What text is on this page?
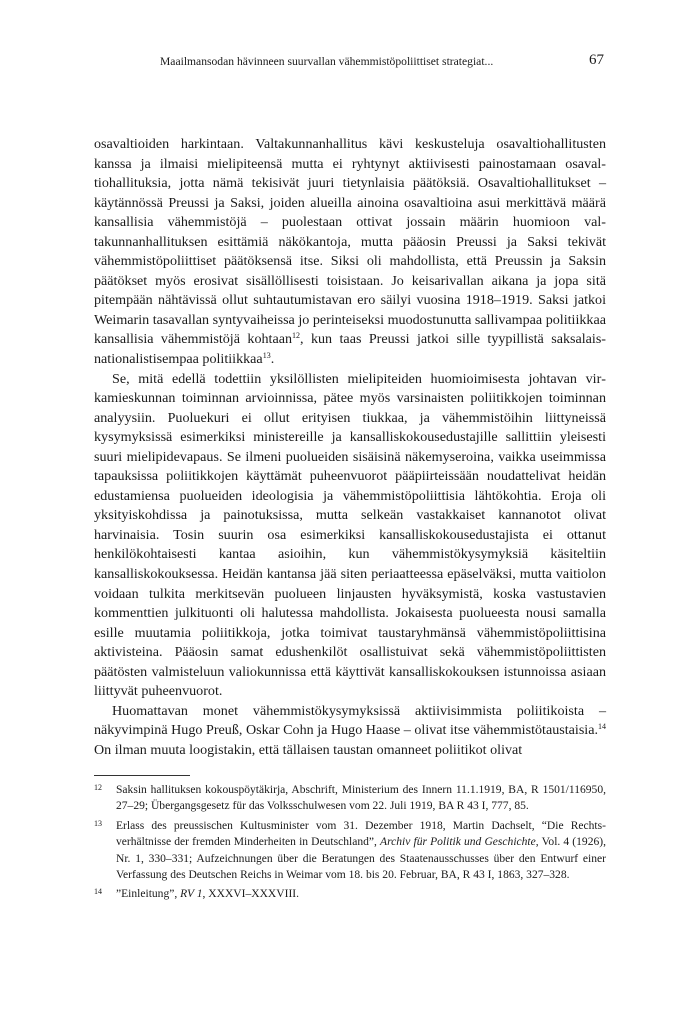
Maailmansodan hävinneen suurvallan vähemmistöpoliittiset strategiat...	67

osavaltioiden harkintaan. Valtakunnanhallitus kävi keskusteluja osavaltiohallitusten kanssa ja ilmaisi mielipiteensä mutta ei ryhtynyt aktiivisesti painostamaan osavaltiohallituksia, jotta nämä tekisivät juuri tietynlaisia päätöksiä. Osavaltiohallitukset – käytännössä Preussi ja Saksi, joiden alueilla ainoina osavaltioina asui merkittävä määrä kansallisia vähemmistöjä – puolestaan ottivat jossain määrin huomioon valtakunnanhallituksen esittämiä näkökantoja, mutta pääosin Preussi ja Saksi tekivät vähemmistöpoliittiset päätöksensä itse. Siksi oli mahdollista, että Preussin ja Saksin päätökset myös erosivat sisällöllisesti toisistaan. Jo keisarivallan aikana ja jopa sitä pitempään nähtävissä ollut suhtautumistavan ero säilyi vuosina 1918–1919. Saksi jatkoi Weimarin tasavallan syntyvaiheissa jo perinteiseksi muodostunutta sallivampaa politiikkaa kansallisia vähemmistöjä kohtaan$^{12}$, kun taas Preussi jatkoi sille tyypillistä saksalais-nationalistisempaa politiikkaa$^{13}$.

Se, mitä edellä todettiin yksilöllisten mielipiteiden huomioimisesta johtavan virkamieskunnan toiminnan arvioinnissa, pätee myös varsinaisten poliitikkojen toiminnan analyysiin. Puoluekuri ei ollut erityisen tiukkaa, ja vähemmistöihin liittyneissä kysymyksissä esimerkiksi ministereille ja kansalliskokousedustajille sallittiin yleisesti suuri mielipidevapaus. Se ilmeni puolueiden sisäisinä näkemyseroina, vaikka useimmissa tapauksissa poliitikkojen käyttämät puheenvuorot pääpiirteissään noudattelivat heidän edustamiensa puolueiden ideologisia ja vähemmistöpoliittisia lähtökohtia. Eroja oli yksityiskohdissa ja painotuksissa, mutta selkeän vastakkaiset kannanotot olivat harvinaisia. Tosin suurin osa esimerkiksi kansalliskokousedustajista ei ottanut henkilökohtaisesti kantaa asioihin, kun vähemmistökysymyksiä käsiteltiin kansalliskokouksessa. Heidän kantansa jää siten periaatteessa epäselväksi, mutta vaitiolon voidaan tulkita merkitsevän puolueen linjausten hyväksymistä, koska vastustavien kommenttien julkituonti oli halutessa mahdollista. Jokaisesta puolueesta nousi samalla esille muutamia poliitikkoja, jotka toimivat taustaryhmänsä vähemmistöpoliittisina aktivisteina. Pääosin samat edushenkilöt osallistuivat sekä vähemmistöpoliittisten päätösten valmisteluun valiokunnissa että käyttivät kansalliskokouksen istunnoissa asiaan liittyvät puheenvuorot.

Huomattavan monet vähemmistökysymyksissä aktiivisimmista poliitikoista – näkyvimpinä Hugo Preuß, Oskar Cohn ja Hugo Haase – olivat itse vähemmistötaustaisia.$^{14}$ On ilman muuta loogistakin, että tällaisen taustan omanneet poliitikot olivat

12 Saksin hallituksen kokouspöytäkirja, Abschrift, Ministerium des Innern 11.1.1919, BA, R 1501/116950, 27–29; Übergangsgesetz für das Volksschulwesen vom 22. Juli 1919, BA R 43 I, 777, 85.
13 Erlass des preussischen Kultusminister vom 31. Dezember 1918, Martin Dachselt, “Die Rechtsverhältnisse der fremden Minderheiten in Deutschland”, Archiv für Politik und Geschichte, Vol. 4 (1926), Nr. 1, 330–331; Aufzeichnungen über die Beratungen des Staatenausschusses über den Entwurf einer Verfassung des Deutschen Reichs in Weimar vom 18. bis 20. Februar, BA, R 43 I, 1863, 327–328.
14 ”Einleitung”, RV 1, XXXVI–XXXVIII.
